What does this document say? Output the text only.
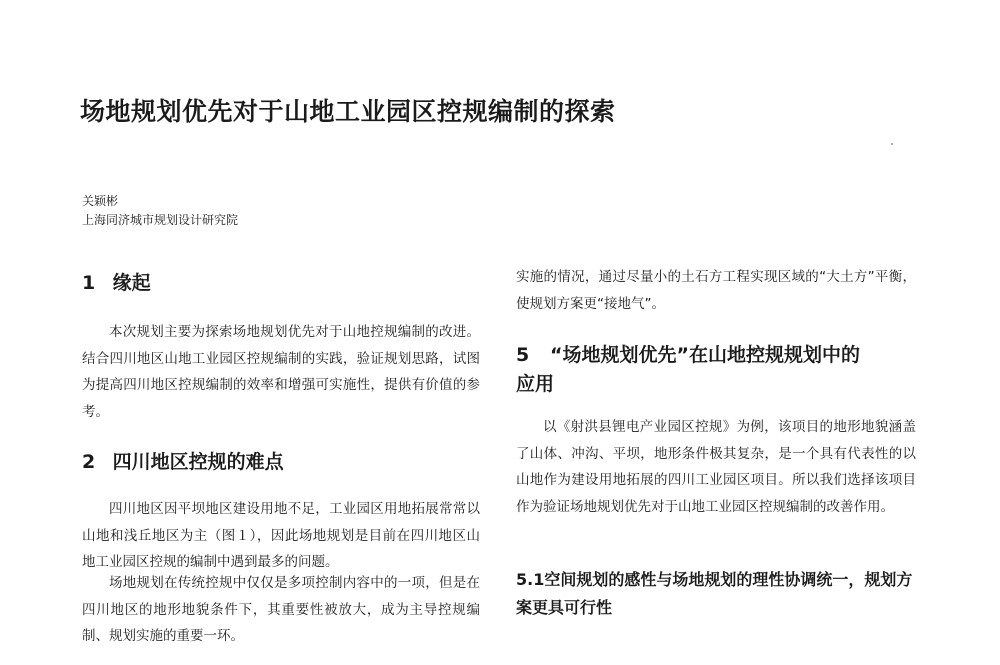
场地规划优先对于山地工业园区控规编制的探索
关颖彬
上海同济城市规划设计研究院
1 缘起

本次规划主要为探索场地规划优先对于山地控规编制的改进。结合四川地区山地工业园区控规编制的实践，验证规划思路，试图为提高四川地区控规编制的效率和增强可实施性，提供有价值的参考。

2 四川地区控规的难点

四川地区因平坝地区建设用地不足，工业园区用地拓展常常以山地和浅丘地区为主（图１），因此场地规划是目前在四川地区山地工业园区控规的编制中遇到最多的问题。

场地规划在传统控规中仅仅是多项控制内容中的一项，但是在四川地区的地形地貌条件下，其重要性被放大，成为主导控规编制、规划实施的重要一环。

实施的情况，通过尽量小的土石方工程实现区域的“大土方”平衡，使规划方案更“接地气”。

5 “场地规划优先”在山地控规规划中的
应用

以《射洪县锂电产业园区控规》为例，该项目的地形地貌涵盖了山体、冲沟、平坝，地形条件极其复杂，是一个具有代表性的以山地作为建设用地拓展的四川工业园区项目。所以我们选择该项目作为验证场地规划优先对于山地工业园区控规编制的改善作用。

5.1空间规划的感性与场地规划的理性协调统一，规划方案更具可行性
